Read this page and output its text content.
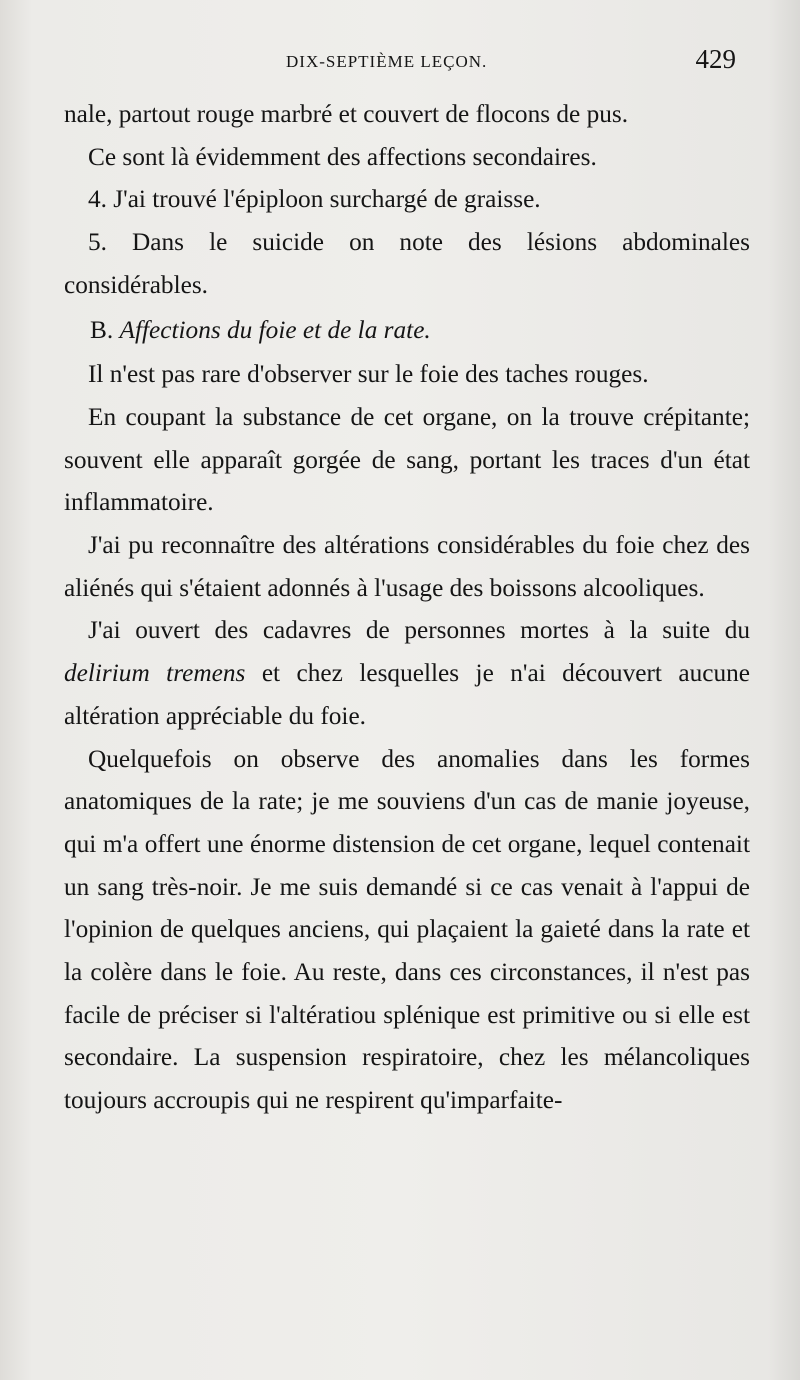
DIX-SEPTIÈME LEÇON.	429

nale, partout rouge marbré et couvert de flocons de pus.

Ce sont là évidemment des affections secondaires.

4. J'ai trouvé l'épiploon surchargé de graisse.

5. Dans le suicide on note des lésions abdominales considérables.

B. Affections du foie et de la rate.

Il n'est pas rare d'observer sur le foie des taches rouges.

En coupant la substance de cet organe, on la trouve crépitante; souvent elle apparaît gorgée de sang, portant les traces d'un état inflammatoire.

J'ai pu reconnaître des altérations considérables du foie chez des aliénés qui s'étaient adonnés à l'usage des boissons alcooliques.

J'ai ouvert des cadavres de personnes mortes à la suite du delirium tremens et chez lesquelles je n'ai découvert aucune altération appréciable du foie.

Quelquefois on observe des anomalies dans les formes anatomiques de la rate; je me souviens d'un cas de manie joyeuse, qui m'a offert une énorme distension de cet organe, lequel contenait un sang très-noir. Je me suis demandé si ce cas venait à l'appui de l'opinion de quelques anciens, qui plaçaient la gaieté dans la rate et la colère dans le foie. Au reste, dans ces circonstances, il n'est pas facile de préciser si l'altératiou splénique est primitive ou si elle est secondaire. La suspension respiratoire, chez les mélancoliques toujours accroupis qui ne respirent qu'imparfaite-
